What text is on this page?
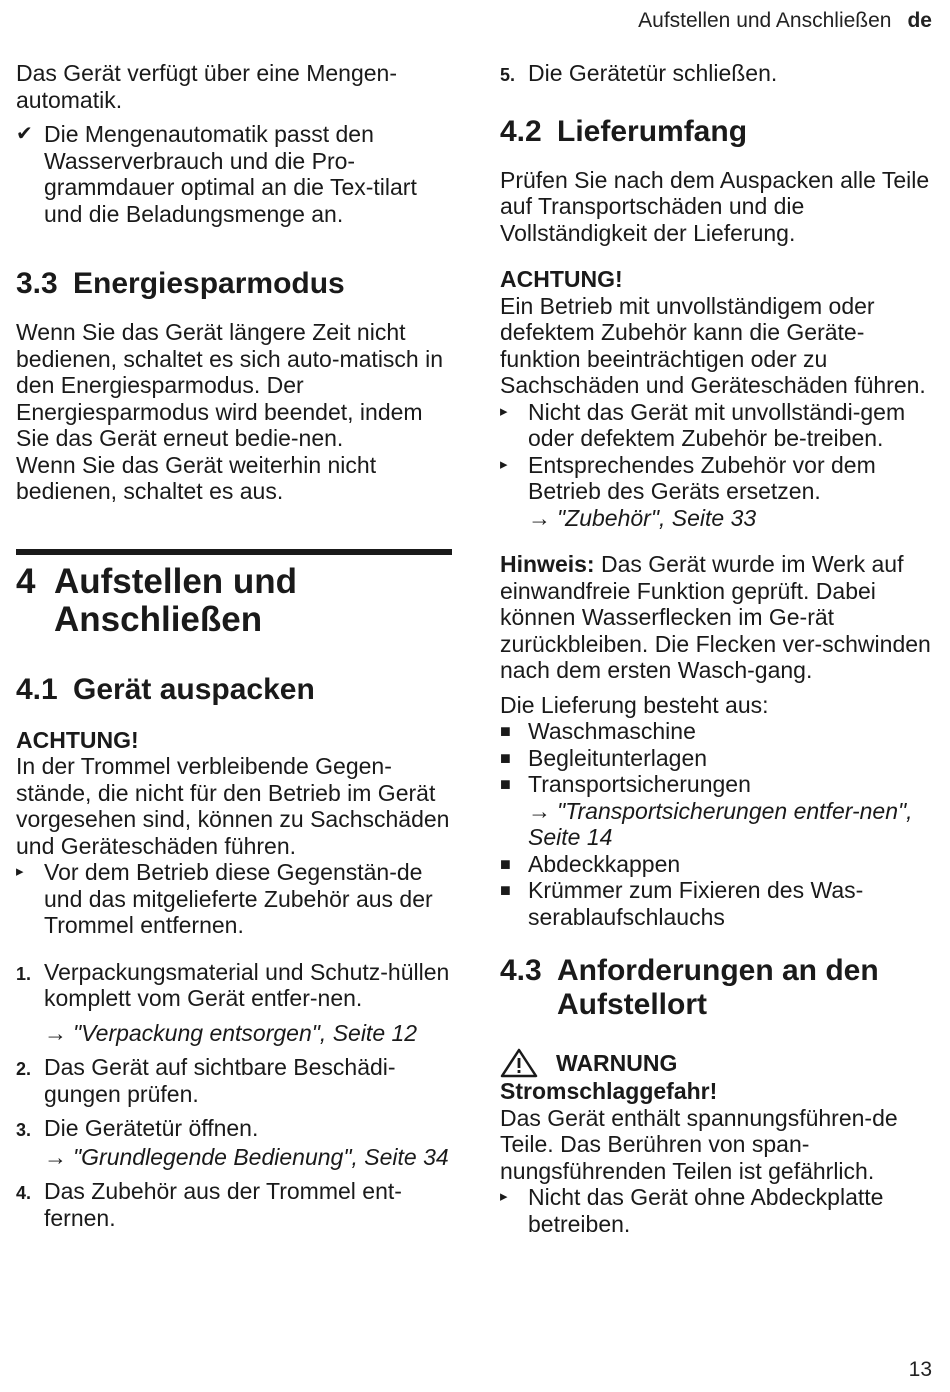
Aufstellen und Anschließen de

Das Gerät verfügt über eine Mengen-automatik.

✔ Die Mengenautomatik passt den Wasserverbrauch und die Pro-grammdauer optimal an die Tex-tilart und die Beladungsmenge an.
3.3 Energiesparmodus

Wenn Sie das Gerät längere Zeit nicht bedienen, schaltet es sich auto-matisch in den Energiesparmodus. Der Energiesparmodus wird beendet, indem Sie das Gerät erneut bedie-nen.

Wenn Sie das Gerät weiterhin nicht bedienen, schaltet es aus.

4 Aufstellen und Anschließen
4.1 Gerät auspacken

ACHTUNG!

In der Trommel verbleibende Gegen-stände, die nicht für den Betrieb im Gerät vorgesehen sind, können zu Sachschäden und Geräteschäden führen.

▸ Vor dem Betrieb diese Gegenstän-de und das mitgelieferte Zubehör aus der Trommel entfernen.
1. Verpackungsmaterial und Schutz-hüllen komplett vom Gerät entfer-nen.
→ "Verpackung entsorgen", Seite 12
2. Das Gerät auf sichtbare Beschädi-gungen prüfen.
3. Die Gerätetür öffnen.
→ "Grundlegende Bedienung", Seite 34
4. Das Zubehör aus der Trommel ent-fernen.
5. Die Gerätetür schließen.
4.2 Lieferumfang

Prüfen Sie nach dem Auspacken alle Teile auf Transportschäden und die Vollständigkeit der Lieferung.

ACHTUNG!

Ein Betrieb mit unvollständigem oder defektem Zubehör kann die Geräte-funktion beeinträchtigen oder zu Sachschäden und Geräteschäden führen.

▸ Nicht das Gerät mit unvollständi-gem oder defektem Zubehör be-treiben.
▸ Entsprechendes Zubehör vor dem Betrieb des Geräts ersetzen.
→ "Zubehör", Seite 33

Hinweis: Das Gerät wurde im Werk auf einwandfreie Funktion geprüft. Dabei können Wasserflecken im Ge-rät zurückbleiben. Die Flecken ver-schwinden nach dem ersten Wasch-gang.

Die Lieferung besteht aus:

■ Waschmaschine
■ Begleitunterlagen
■ Transportsicherungen
→ "Transportsicherungen entfer-nen", Seite 14
■ Abdeckkappen
■ Krümmer zum Fixieren des Was-serablaufschlauchs
4.3 Anforderungen an den Aufstellort
WARNUNG

Stromschlaggefahr!

Das Gerät enthält spannungsführen-de Teile. Das Berühren von span-nungsführenden Teilen ist gefährlich.

▸ Nicht das Gerät ohne Abdeckplatte betreiben.
13
